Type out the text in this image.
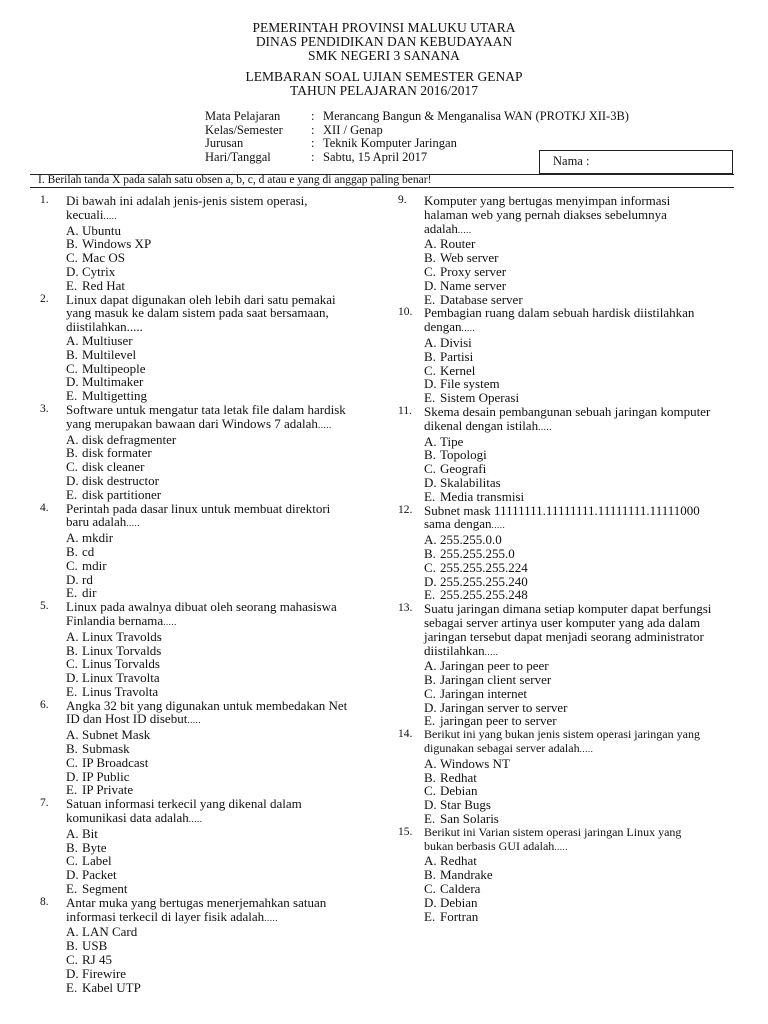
PEMERINTAH PROVINSI MALUKU UTARA
DINAS PENDIDIKAN DAN KEBUDAYAAN
SMK NEGERI 3 SANANA
LEMBARAN SOAL UJIAN SEMESTER GENAP
TAHUN PELAJARAN 2016/2017
Mata Pelajaran	: Merancang Bangun & Menganalisa WAN (PROTKJ XII-3B)
Kelas/Semester	: XII / Genap
Jurusan	: Teknik Komputer Jaringan
Hari/Tanggal	: Sabtu, 15 April 2017	Nama :
I. Berilah tanda X pada salah satu obsen a, b, c, d atau e yang di anggap paling benar!
1. Di bawah ini adalah jenis-jenis sistem operasi,
kecuali.....
A. Ubuntu
B. Windows XP
C. Mac OS
D. Cytrix
E. Red Hat
2. Linux dapat digunakan oleh lebih dari satu pemakai
yang masuk ke dalam sistem pada saat bersamaan,
diistilahkan.....
A. Multiuser
B. Multilevel
C. Multipeople
D. Multimaker
E. Multigetting
3. Software untuk mengatur tata letak file dalam hardisk
yang merupakan bawaan dari Windows 7 adalah.....
A. disk defragmenter
B. disk formater
C. disk cleaner
D. disk destructor
E. disk partitioner
4. Perintah pada dasar linux untuk membuat direktori
baru adalah.....
A. mkdir
B. cd
C. mdir
D. rd
E. dir
5. Linux pada awalnya dibuat oleh seorang mahasiswa
Finlandia bernama.....
A. Linux Travolds
B. Linux Torvalds
C. Linus Torvalds
D. Linux Travolta
E. Linus Travolta
6. Angka 32 bit yang digunakan untuk membedakan Net
ID dan Host ID disebut.....
A. Subnet Mask
B. Submask
C. IP Broadcast
D. IP Public
E. IP Private
7. Satuan informasi terkecil yang dikenal dalam
komunikasi data adalah.....
A. Bit
B. Byte
C. Label
D. Packet
E. Segment
8. Antar muka yang bertugas menerjemahkan satuan
informasi terkecil di layer fisik adalah.....
A. LAN Card
B. USB
C. RJ 45
D. Firewire
E. Kabel UTP
9. Komputer yang bertugas menyimpan informasi
halaman web yang pernah diakses sebelumnya
adalah.....
A. Router
B. Web server
C. Proxy server
D. Name server
E. Database server
10. Pembagian ruang dalam sebuah hardisk diistilahkan
dengan.....
A. Divisi
B. Partisi
C. Kernel
D. File system
E. Sistem Operasi
11. Skema desain pembangunan sebuah jaringan komputer
dikenal dengan istilah.....
A. Tipe
B. Topologi
C. Geografi
D. Skalabilitas
E. Media transmisi
12. Subnet mask 11111111.11111111.11111111.11111000
sama dengan.....
A. 255.255.0.0
B. 255.255.255.0
C. 255.255.255.224
D. 255.255.255.240
E. 255.255.255.248
13. Suatu jaringan dimana setiap komputer dapat berfungsi
sebagai server artinya user komputer yang ada dalam
jaringan tersebut dapat menjadi seorang administrator
diistilahkan.....
A. Jaringan peer to peer
B. Jaringan client server
C. Jaringan internet
D. Jaringan server to server
E. jaringan peer to server
14. Berikut ini yang bukan jenis sistem operasi jaringan yang
digunakan sebagai server adalah.....
A. Windows NT
B. Redhat
C. Debian
D. Star Bugs
E. San Solaris
15. Berikut ini Varian sistem operasi jaringan Linux yang
bukan berbasis GUI adalah.....
A. Redhat
B. Mandrake
C. Caldera
D. Debian
E. Fortran
